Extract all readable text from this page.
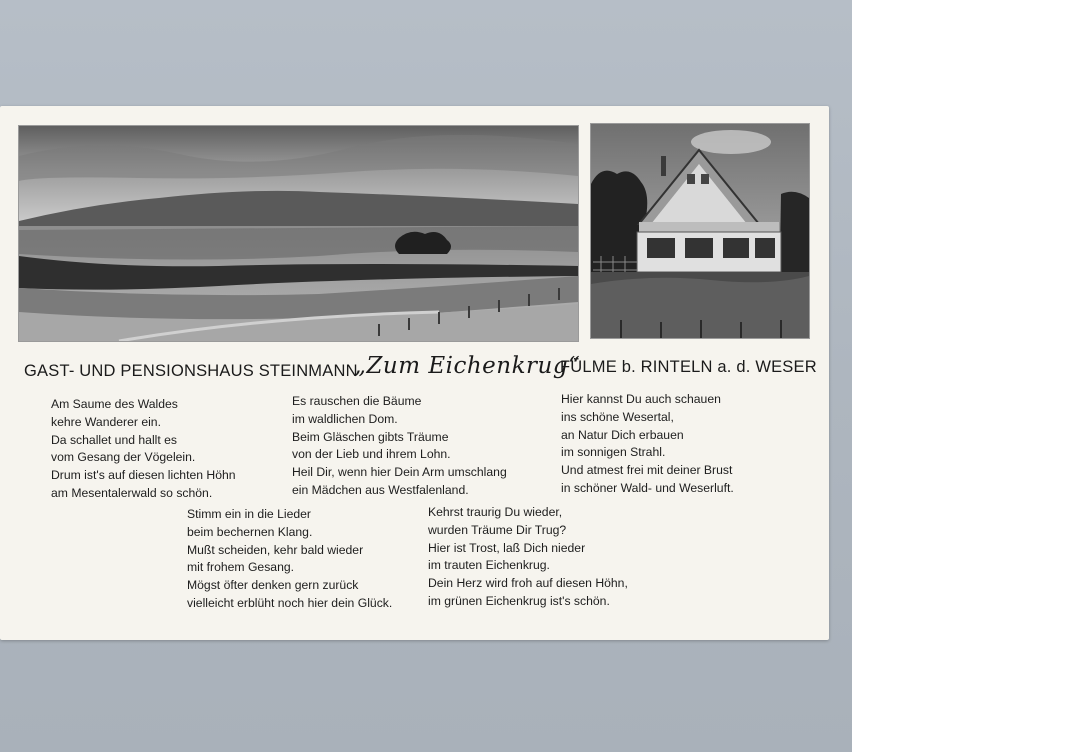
GAST- UND PENSIONSHAUS STEINMANN
„Zum Eichenkrug“
FÜLME b. RINTELN a. d. WESER
Am Saume des Waldes
kehre Wanderer ein.
Da schallet und hallt es
vom Gesang der Vögelein.
Drum ist's auf diesen lichten Höhn
am Mesentalerwald so schön.
Es rauschen die Bäume
im waldlichen Dom.
Beim Gläschen gibts Träume
von der Lieb und ihrem Lohn.
Heil Dir, wenn hier Dein Arm umschlang
ein Mädchen aus Westfalenland.
Hier kannst Du auch schauen
ins schöne Wesertal,
an Natur Dich erbauen
im sonnigen Strahl.
Und atmest frei mit deiner Brust
in schöner Wald- und Weserluft.
Stimm ein in die Lieder
beim bechernen Klang.
Mußt scheiden, kehr bald wieder
mit frohem Gesang.
Mögst öfter denken gern zurück
vielleicht erblüht noch hier dein Glück.
Kehrst traurig Du wieder,
wurden Träume Dir Trug?
Hier ist Trost, laß Dich nieder
im trauten Eichenkrug.
Dein Herz wird froh auf diesen Höhn,
im grünen Eichenkrug ist's schön.
